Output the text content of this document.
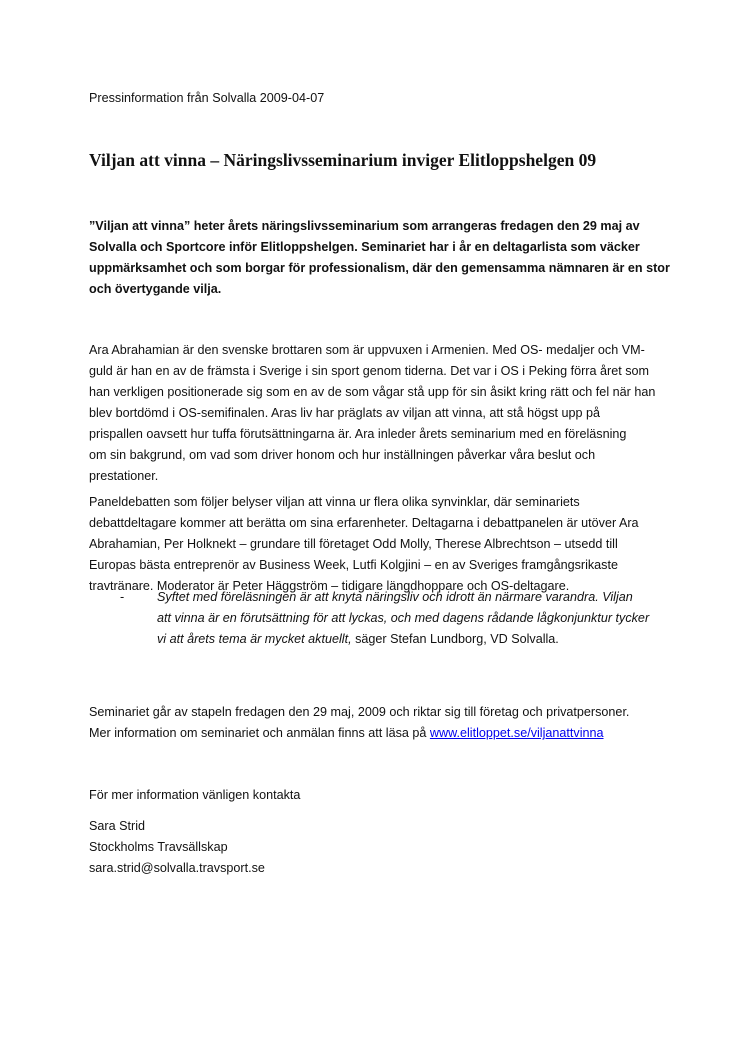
Pressinformation från Solvalla 2009-04-07
Viljan att vinna – Näringslivsseminarium inviger Elitloppshelgen 09
”Viljan att vinna” heter årets näringslivsseminarium som arrangeras fredagen den 29 maj av
Solvalla och Sportcore inför Elitloppshelgen. Seminariet har i år en deltagarlista som väcker
uppmärksamhet och som borgar för professionalism, där den gemensamma nämnaren är en stor
och övertygande vilja.
Ara Abrahamian är den svenske brottaren som är uppvuxen i Armenien. Med OS- medaljer och VM-
guld är han en av de främsta i Sverige i sin sport genom tiderna. Det var i OS i Peking förra året som
han verkligen positionerade sig som en av de som vågar stå upp för sin åsikt kring rätt och fel när han
blev bortdömd i OS-semifinalen. Aras liv har präglats av viljan att vinna, att stå högst upp på
prispallen oavsett hur tuffa förutsättningarna är. Ara inleder årets seminarium med en föreläsning
om sin bakgrund, om vad som driver honom och hur inställningen påverkar våra beslut och
prestationer.
Paneldebatten som följer belyser viljan att vinna ur flera olika synvinklar, där seminariets
debattdeltagare kommer att berätta om sina erfarenheter. Deltagarna i debattpanelen är utöver Ara
Abrahamian, Per Holknekt – grundare till företaget Odd Molly, Therese Albrechtson – utsedd till
Europas bästa entreprenör av Business Week, Lutfi Kolgjini – en av Sveriges framgångsrikaste
travtränare. Moderator är Peter Häggström – tidigare längdhoppare och OS-deltagare.
-	Syftet med föreläsningen är att knyta näringsliv och idrott än närmare varandra. Viljan
att vinna är en förutsättning för att lyckas, och med dagens rådande lågkonjunktur tycker
vi att årets tema är mycket aktuellt, säger Stefan Lundborg, VD Solvalla.
Seminariet går av stapeln fredagen den 29 maj, 2009 och riktar sig till företag och privatpersoner.
Mer information om seminariet och anmälan finns att läsa på www.elitloppet.se/viljanattvinna
För mer information vänligen kontakta
Sara Strid
Stockholms Travsällskap
sara.strid@solvalla.travsport.se
